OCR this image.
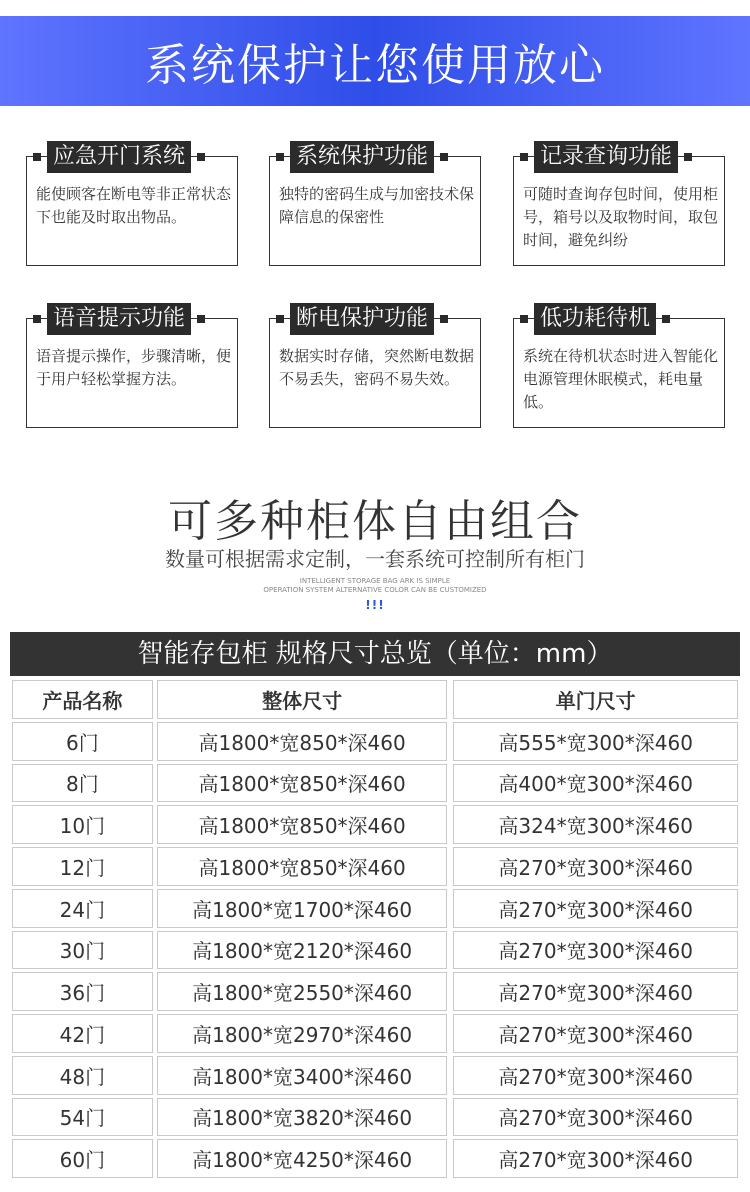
系统保护让您使用放心
应急开门系统
能使顾客在断电等非正常状态下也能及时取出物品。
系统保护功能
独特的密码生成与加密技术保障信息的保密性
记录查询功能
可随时查询存包时间，使用柜号，箱号以及取物时间，取包时间，避免纠纷
语音提示功能
语音提示操作，步骤清晰，便于用户轻松掌握方法。
断电保护功能
数据实时存储，突然断电数据不易丢失，密码不易失效。
低功耗待机
系统在待机状态时进入智能化电源管理休眠模式，耗电量低。
可多种柜体自由组合
数量可根据需求定制，一套系统可控制所有柜门
INTELLIGENT STORAGE BAG ARK IS SIMPLE
OPERATION SYSTEM ALTERNATIVE COLOR CAN BE CUSTOMIZED
!!!
智能存包柜 规格尺寸总览（单位：mm）
产品名称	整体尺寸	单门尺寸
6门	高1800*宽850*深460	高555*宽300*深460
8门	高1800*宽850*深460	高400*宽300*深460
10门	高1800*宽850*深460	高324*宽300*深460
12门	高1800*宽850*深460	高270*宽300*深460
24门	高1800*宽1700*深460	高270*宽300*深460
30门	高1800*宽2120*深460	高270*宽300*深460
36门	高1800*宽2550*深460	高270*宽300*深460
42门	高1800*宽2970*深460	高270*宽300*深460
48门	高1800*宽3400*深460	高270*宽300*深460
54门	高1800*宽3820*深460	高270*宽300*深460
60门	高1800*宽4250*深460	高270*宽300*深460
